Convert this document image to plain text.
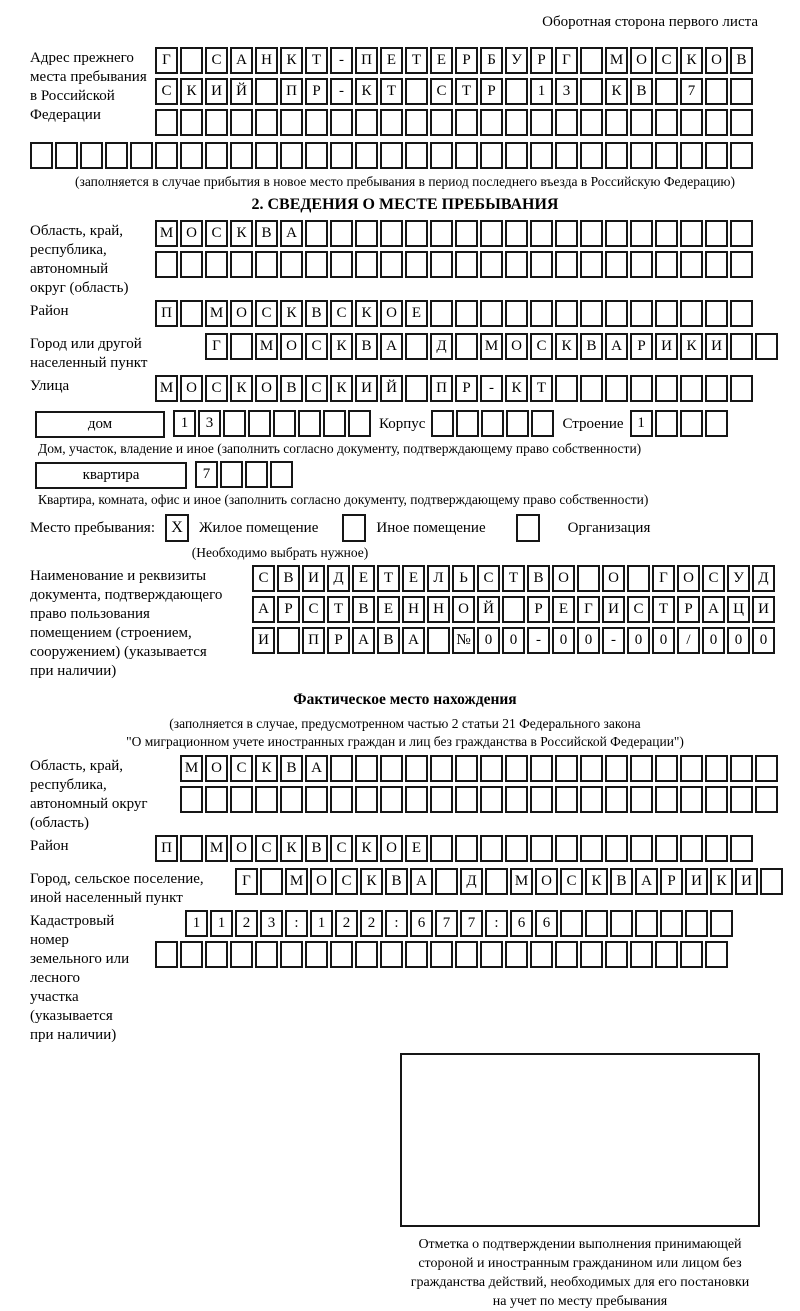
Оборотная сторона первого листа
Адрес прежнего
места пребывания
в Российской
Федерации
Г	С А Н К Т - П Е Т Е Р Б У Р Г	М О С К О В
С К И Й	П Р - К Т	С Т Р	1 3	К В	7
(заполняется в случае прибытия в новое место пребывания в период последнего въезда в Российскую Федерацию)
2. СВЕДЕНИЯ О МЕСТЕ ПРЕБЫВАНИЯ
Область, край,
республика,
автономный
округ (область)
М О С К В А
Район	П	М О С К В С К О Е
Город или другой
населенный пункт
Г	М О С К В А	Д	М О С К В А Р И К И
Улица	М О С К О В С К И Й	П Р - К Т
дом	1 3	Корпус	Строение 1
Дом, участок, владение и иное (заполнить согласно документу, подтверждающему право собственности)
квартира	7
Квартира, комната, офис и иное (заполнить согласно документу, подтверждающему право собственности)
Место пребывания:	X	Жилое помещение	Иное помещение	Организация
(Необходимо выбрать нужное)
Наименование и реквизиты
документа, подтверждающего
право пользования
помещением (строением,
сооружением) (указывается
при наличии)
С В И Д Е Т Е Л Ь С Т В О	О	Г О С У Д
А Р С Т В Е Н Н О Й	Р Е Г И С Т Р А Ц И
И	П Р А В А № 0 0 - 0 0 - 0 0 / 0 0 0
Фактическое место нахождения
(заполняется в случае, предусмотренном частью 2 статьи 21 Федерального закона
"О миграционном учете иностранных граждан и лиц без гражданства в Российской Федерации")
Область, край,
республика,
автономный округ
(область)
М О С К В А
Район	П	М О С К В С К О Е
Город, сельское поселение,
иной населенный пункт
Г	М О С К В А	Д	М О С К В А Р И К И
Кадастровый номер
земельного или лесного
участка (указывается
при наличии)
1 1 2 3 : 1 2 2 : 6 7 7 : 6 6
Отметка о подтверждении выполнения принимающей
стороной и иностранным гражданином или лицом без
гражданства действий, необходимых для его постановки
на учет по месту пребывания
